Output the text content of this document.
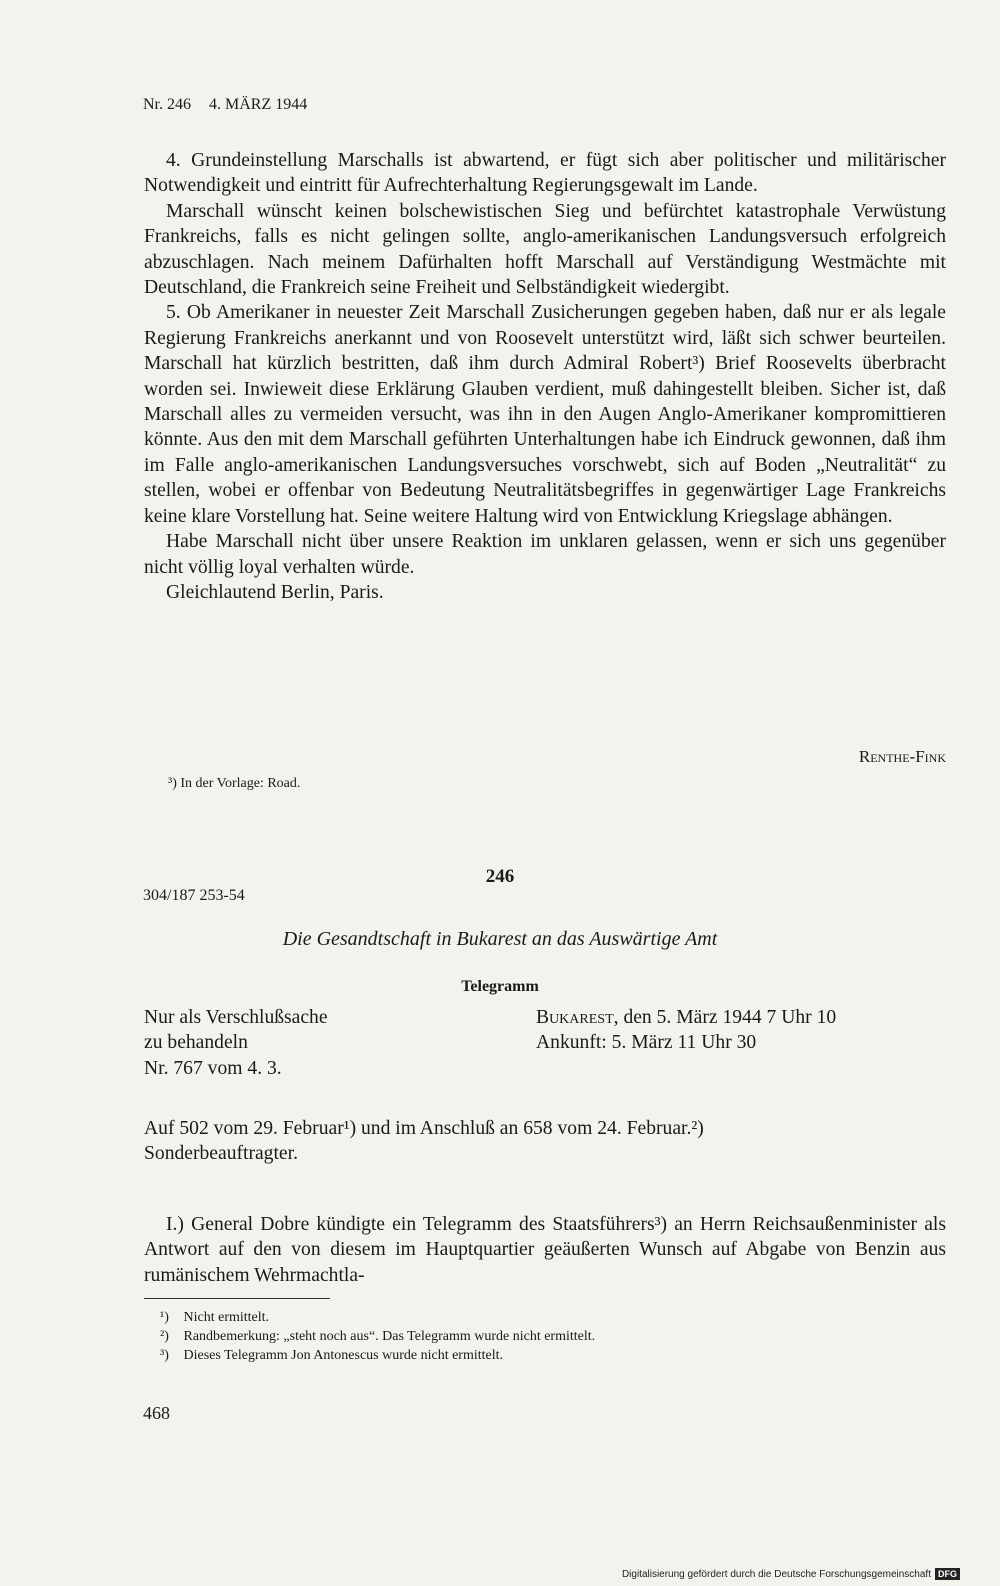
Nr. 246 4. MÄRZ 1944

4. Grundeinstellung Marschalls ist abwartend, er fügt sich aber politischer und militärischer Notwendigkeit und eintritt für Aufrechterhaltung Regierungsgewalt im Lande.

Marschall wünscht keinen bolschewistischen Sieg und befürchtet katastrophale Verwüstung Frankreichs, falls es nicht gelingen sollte, anglo-amerikanischen Landungsversuch erfolgreich abzuschlagen. Nach meinem Dafürhalten hofft Marschall auf Verständigung Westmächte mit Deutschland, die Frankreich seine Freiheit und Selbständigkeit wiedergibt.

5. Ob Amerikaner in neuester Zeit Marschall Zusicherungen gegeben haben, daß nur er als legale Regierung Frankreichs anerkannt und von Roosevelt unterstützt wird, läßt sich schwer beurteilen. Marschall hat kürzlich bestritten, daß ihm durch Admiral Robert³) Brief Roosevelts überbracht worden sei. Inwieweit diese Erklärung Glauben verdient, muß dahingestellt bleiben. Sicher ist, daß Marschall alles zu vermeiden versucht, was ihn in den Augen Anglo-Amerikaner kompromittieren könnte. Aus den mit dem Marschall geführten Unterhaltungen habe ich Eindruck gewonnen, daß ihm im Falle anglo-amerikanischen Landungsversuches vorschwebt, sich auf Boden „Neutralität“ zu stellen, wobei er offenbar von Bedeutung Neutralitätsbegriffes in gegenwärtiger Lage Frankreichs keine klare Vorstellung hat. Seine weitere Haltung wird von Entwicklung Kriegslage abhängen.

Habe Marschall nicht über unsere Reaktion im unklaren gelassen, wenn er sich uns gegenüber nicht völlig loyal verhalten würde.

Gleichlautend Berlin, Paris.

Renthe-Fink
³) In der Vorlage: Road.
246
304/187 253-54
Die Gesandtschaft in Bukarest an das Auswärtige Amt
Telegramm
Nur als Verschlußsache	Bukarest, den 5. März 1944 7 Uhr 10
zu behandeln	Ankunft: 5. März 11 Uhr 30
Nr. 767 vom 4. 3.

Auf 502 vom 29. Februar¹) und im Anschluß an 658 vom 24. Februar.²)

Sonderbeauftragter.

I.) General Dobre kündigte ein Telegramm des Staatsführers³) an Herrn Reichsaußenminister als Antwort auf den von diesem im Hauptquartier geäußerten Wunsch auf Abgabe von Benzin aus rumänischem Wehrmachtla-

¹) Nicht ermittelt.
²) Randbemerkung: „steht noch aus“. Das Telegramm wurde nicht ermittelt.
³) Dieses Telegramm Jon Antonescus wurde nicht ermittelt.
468
Digitalisierung gefördert durch die Deutsche Forschungsgemeinschaft DFG
